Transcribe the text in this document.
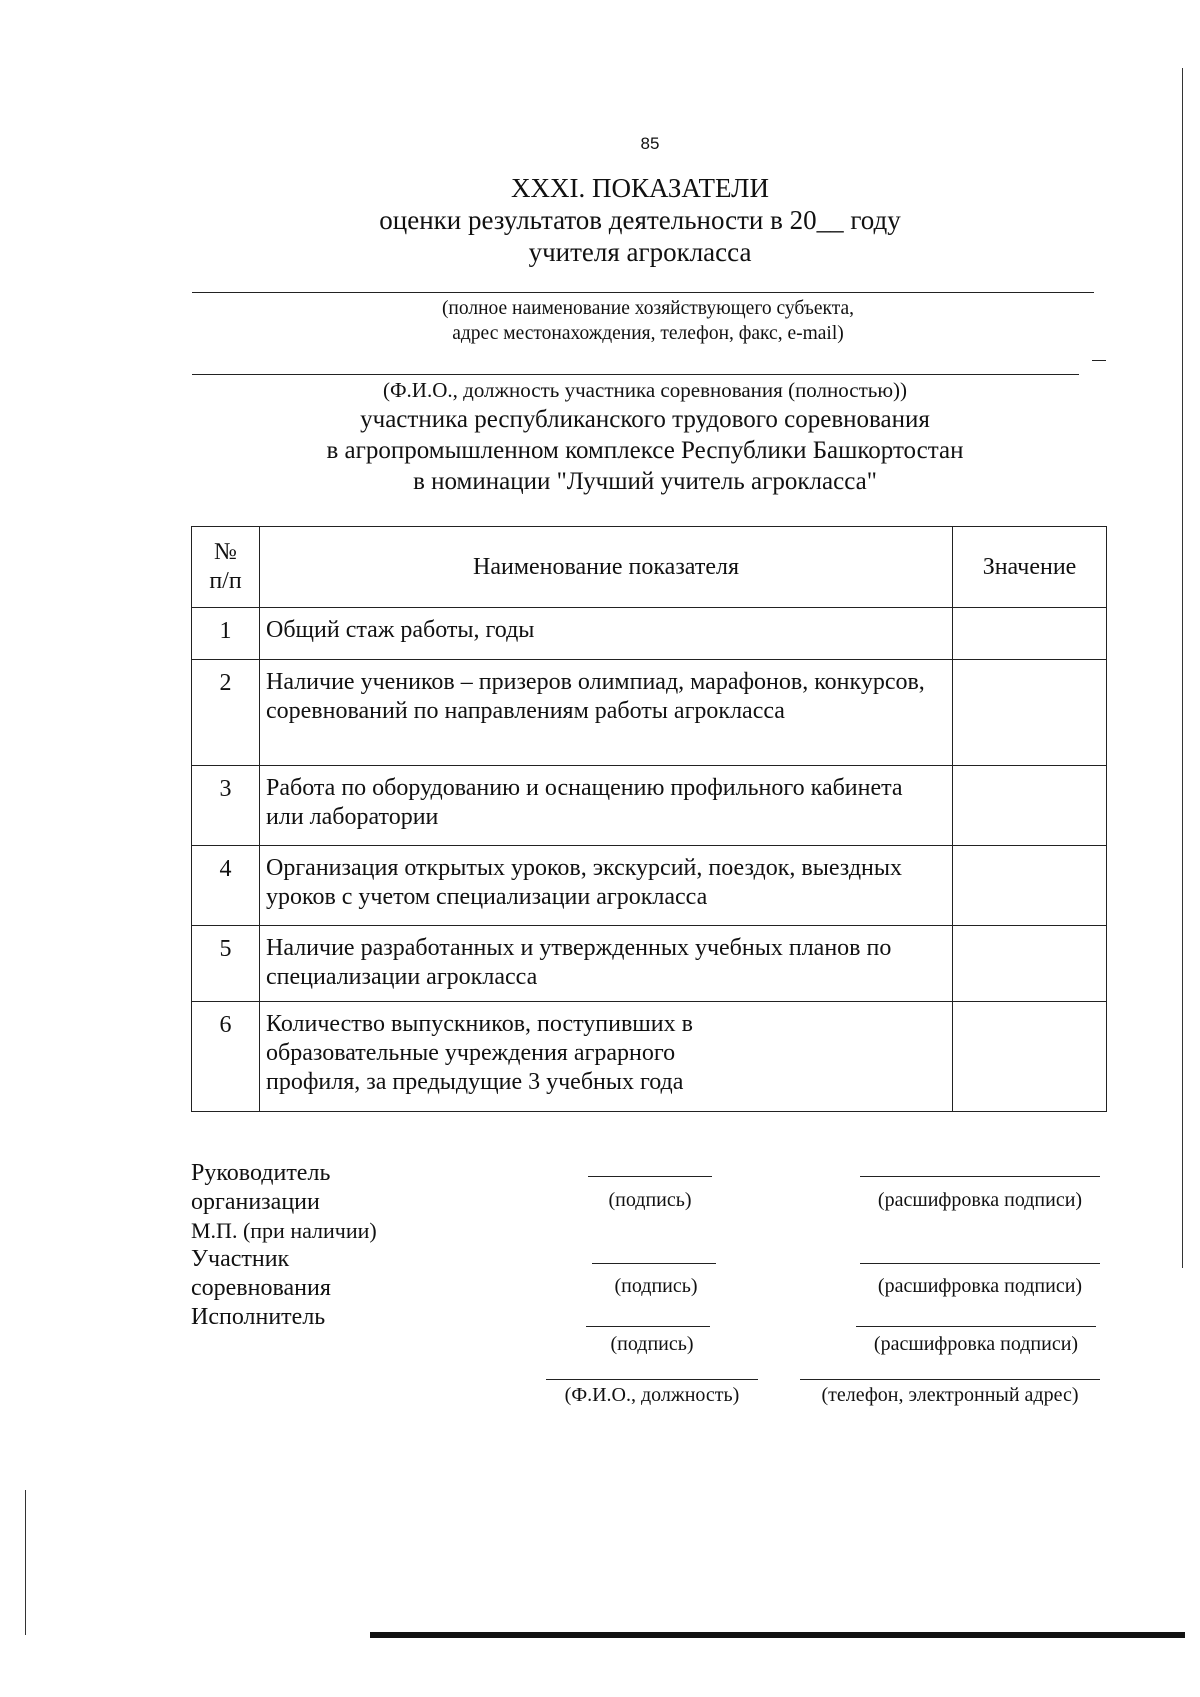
85
XXXI. ПОКАЗАТЕЛИ
оценки результатов деятельности в 20__ году
учителя агрокласса
(полное наименование хозяйствующего субъекта,
адрес местонахождения, телефон, факс, e-mail)
(Ф.И.О., должность участника соревнования (полностью))
участника республиканского трудового соревнования
в агропромышленном комплексе Республики Башкортостан
в номинации "Лучший учитель агрокласса"
№ п/п	Наименование показателя	Значение
1	Общий стаж работы, годы	
2	Наличие учеников – призеров олимпиад, марафонов, конкурсов, соревнований по направлениям работы агрокласса	
3	Работа по оборудованию и оснащению профильного кабинета или лаборатории	
4	Организация открытых уроков, экскурсий, поездок, выездных уроков с учетом специализации агрокласса	
5	Наличие разработанных и утвержденных учебных планов по специализации агрокласса	
6	Количество выпускников, поступивших в образовательные учреждения аграрного профиля, за предыдущие 3 учебных года	
Руководитель
организации
М.П. (при наличии)
Участник
соревнования
Исполнитель
(подпись)	(расшифровка подписи)
(подпись)	(расшифровка подписи)
(подпись)	(расшифровка подписи)
(Ф.И.О., должность)	(телефон, электронный адрес)
